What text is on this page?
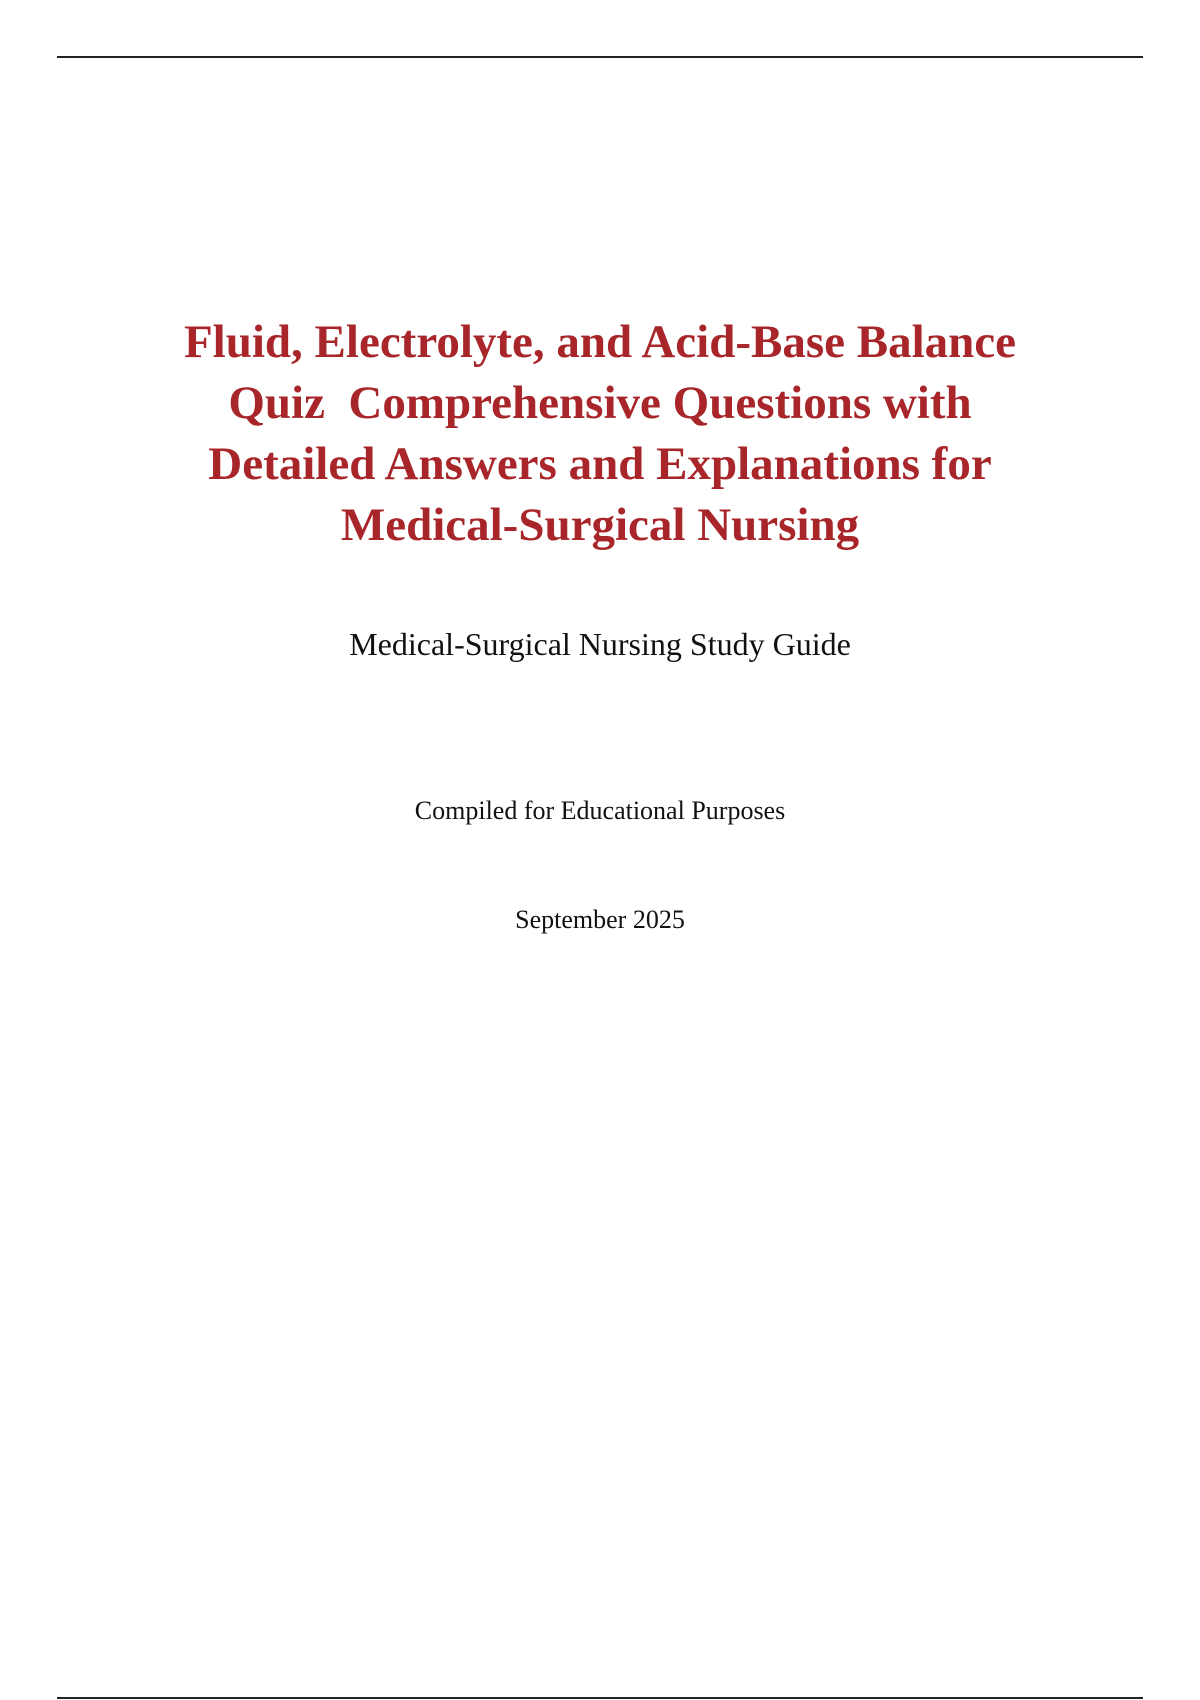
Fluid, Electrolyte, and Acid-Base Balance
Quiz  Comprehensive Questions with
Detailed Answers and Explanations for
Medical-Surgical Nursing
Medical-Surgical Nursing Study Guide
Compiled for Educational Purposes
September 2025
